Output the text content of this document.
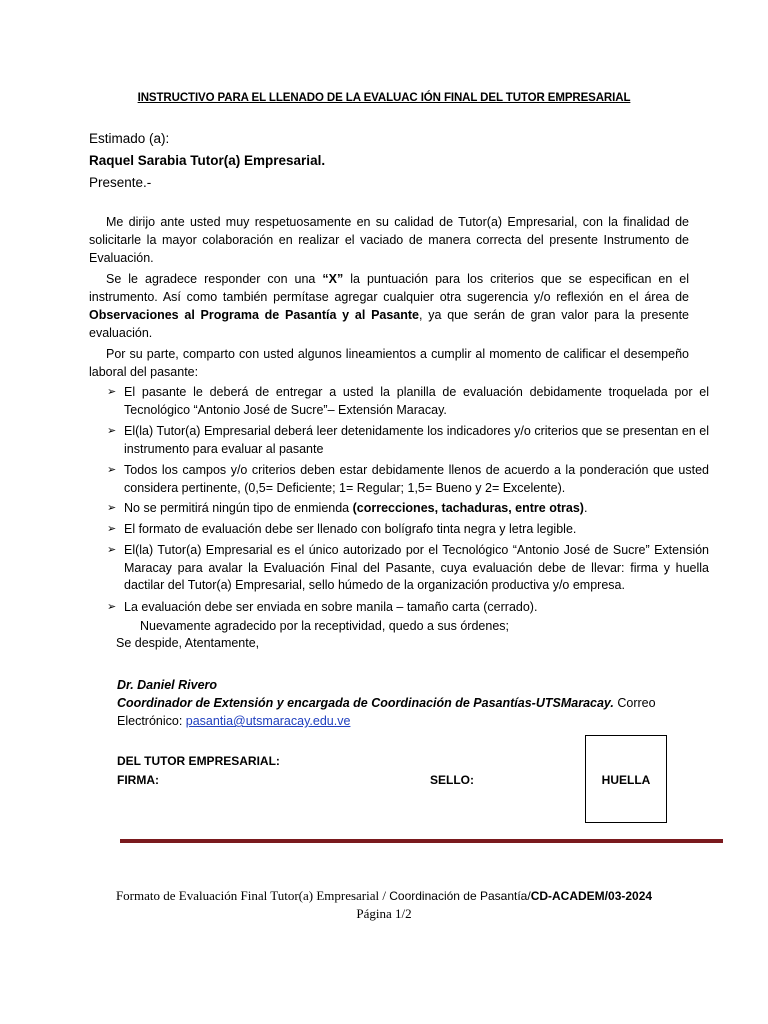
INSTRUCTIVO PARA EL LLENADO DE LA EVALUAC IÓN FINAL DEL TUTOR EMPRESARIAL
Estimado (a):
Raquel Sarabia Tutor(a) Empresarial.
Presente.-
Me dirijo ante usted muy respetuosamente en su calidad de Tutor(a) Empresarial, con la finalidad de solicitarle la mayor colaboración en realizar el vaciado de manera correcta del presente Instrumento de Evaluación.
Se le agradece responder con una “X” la puntuación para los criterios que se especifican en el instrumento. Así como también permítase agregar cualquier otra sugerencia y/o reflexión en el área de Observaciones al Programa de Pasantía y al Pasante, ya que serán de gran valor para la presente evaluación.
Por su parte, comparto con usted algunos lineamientos a cumplir al momento de calificar el desempeño laboral del pasante:
➢ El pasante le deberá de entregar a usted la planilla de evaluación debidamente troquelada por el Tecnológico “Antonio José de Sucre”– Extensión Maracay.
➢ El(la) Tutor(a) Empresarial deberá leer detenidamente los indicadores y/o criterios que se presentan en el instrumento para evaluar al pasante
➢ Todos los campos y/o criterios deben estar debidamente llenos de acuerdo a la ponderación que usted considera pertinente, (0,5= Deficiente; 1= Regular; 1,5= Bueno y 2= Excelente).
➢ No se permitirá ningún tipo de enmienda (correcciones, tachaduras, entre otras).
➢ El formato de evaluación debe ser llenado con bolígrafo tinta negra y letra legible.
➢ El(la) Tutor(a) Empresarial es el único autorizado por el Tecnológico “Antonio José de Sucre” Extensión Maracay para avalar la Evaluación Final del Pasante, cuya evaluación debe de llevar: firma y huella dactilar del Tutor(a) Empresarial, sello húmedo de la organización productiva y/o empresa.
➢ La evaluación debe ser enviada en sobre manila – tamaño carta (cerrado).
Nuevamente agradecido por la receptividad, quedo a sus órdenes;
Se despide, Atentamente,
Dr. Daniel Rivero
Coordinador de Extensión y encargada de Coordinación de Pasantías-UTSMaracay. Correo
Electrónico: pasantia@utsmaracay.edu.ve
DEL TUTOR EMPRESARIAL:
FIRMA:	SELLO:	HUELLA
Formato de Evaluación Final Tutor(a) Empresarial / Coordinación de Pasantía/CD-ACADEM/03-2024
Página 1/2
